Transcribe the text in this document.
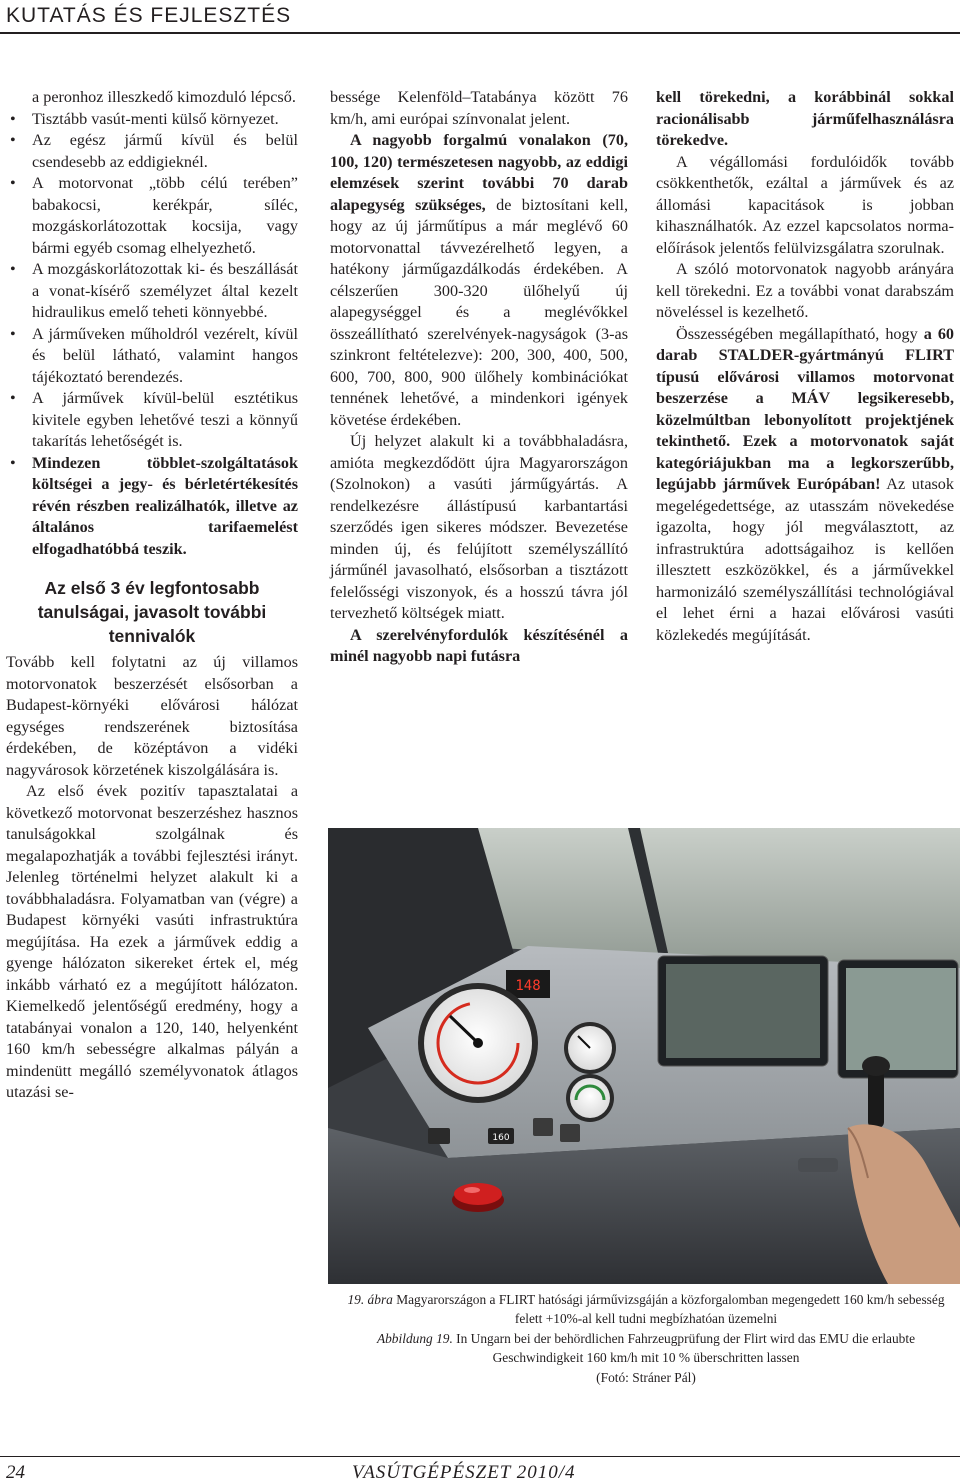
KUTATÁS ÉS FEJLESZTÉS

a peronhoz illeszkedő kimozduló lépcső.

• Tisztább vasút-menti külső környezet.
• Az egész jármű kívül és belül csendesebb az eddigieknél.
• A motorvonat „több célú terében” babakocsi, kerékpár, síléc, mozgáskorlátozottak kocsija, vagy bármi egyéb csomag elhelyezhető.
• A mozgáskorlátozottak ki- és beszállását a vonat-kísérő személyzet által kezelt hidraulikus emelő teheti könnyebbé.
• A járműveken műholdról vezérelt, kívül és belül látható, valamint hangos tájékoztató berendezés.
• A járművek kívül-belül esztétikus kivitele egyben lehetővé teszi a könnyű takarítás lehetőségét is.
• Mindezen többlet-szolgáltatások költségei a jegy- és bérletértékesítés révén részben realizálhatók, illetve az általános tarifaemelést elfogadhatóbbá teszik.
Az első 3 év legfontosabb tanulságai, javasolt további tennivalók

Tovább kell folytatni az új villamos motorvonatok beszerzését elsősorban a Budapest-környéki elővárosi hálózat egységes rendszerének biztosítása érdekében, de középtávon a vidéki nagyvárosok körzetének kiszolgálására is.

Az első évek pozitív tapasztalatai a következő motorvonat beszerzéshez hasznos tanulságokkal szolgálnak és megalapozhatják a további fejlesztési irányt. Jelenleg történelmi helyzet alakult ki a továbbhaladásra. Folyamatban van (végre) a Budapest környéki vasúti infrastruktúra megújítása. Ha ezek a járművek eddig a gyenge hálózaton sikereket értek el, még inkább várható ez a megújított hálózaton. Kiemelkedő jelentőségű eredmény, hogy a tatabányai vonalon a 120, 140, helyenként 160 km/h sebességre alkalmas pályán a mindenütt megálló személyvonatok átlagos utazási se-

bessége Kelenföld–Tatabánya között 76 km/h, ami európai színvonalat jelent.

A nagyobb forgalmú vonalakon (70, 100, 120) természetesen nagyobb, az eddigi elemzések szerint további 70 darab alapegység szükséges, de biztosítani kell, hogy az új járműtípus a már meglévő 60 motorvonattal távvezérelhető legyen, a hatékony járműgazdálkodás érdekében. A célszerűen 300-320 ülőhelyű új alapegységgel és a meglévőkkel összeállítható szerelvények-nagyságok (3-as szinkront feltételezve): 200, 300, 400, 500, 600, 700, 800, 900 ülőhely kombinációkat tennének lehetővé, a mindenkori igények követése érdekében.

Új helyzet alakult ki a továbbhaladásra, amióta megkezdődött újra Magyarországon (Szolnokon) a vasúti járműgyártás. A rendelkezésre állástípusú karbantartási szerződés igen sikeres módszer. Bevezetése minden új, és felújított személyszállító járműnél javasolható, elsősorban a tisztázott felelősségi viszonyok, és a hosszú távra jól tervezhető költségek miatt.

A szerelvényfordulók készítésénél a minél nagyobb napi futásra

kell törekedni, a korábbinál sokkal racionálisabb járműfelhasználásra törekedve.

A végállomási fordulóidők tovább csökkenthetők, ezáltal a járművek és az állomási kapacitások is jobban kihasználhatók. Az ezzel kapcsolatos norma-előírások jelentős felülvizsgálatra szorulnak.

A szóló motorvonatok nagyobb arányára kell törekedni. Ez a további vonat darabszám növeléssel is kezelhető.

Összességében megállapítható, hogy a 60 darab STALDER-gyártmányú FLIRT típusú elővárosi villamos motorvonat beszerzése a MÁV legsikeresebb, közelmúltban lebonyolított projektjének tekinthető. Ezek a motorvonatok saját kategóriájukban ma a legkorszerűbb, legújabb járművek Európában! Az utasok megelégedettsége, az utasszám növekedése igazolta, hogy jól megválasztott, az infrastruktúra adottságaihoz is kellően illesztett eszközökkel, és a járművekkel harmonizáló személyszállítási technológiával el lehet érni a hazai elővárosi vasúti közlekedés megújítását.

148
160

19. ábra Magyarországon a FLIRT hatósági járművizsgáján a közforgalomban megengedett 160 km/h sebesség felett +10%-al kell tudni megbízhatóan üzemelni

Abbildung 19. In Ungarn bei der behördlichen Fahrzeugprüfung der Flirt wird das EMU die erlaubte Geschwindigkeit 160 km/h mit 10 % überschritten lassen

(Fotó: Stráner Pál)

24	VASÚTGÉPÉSZET 2010/4
